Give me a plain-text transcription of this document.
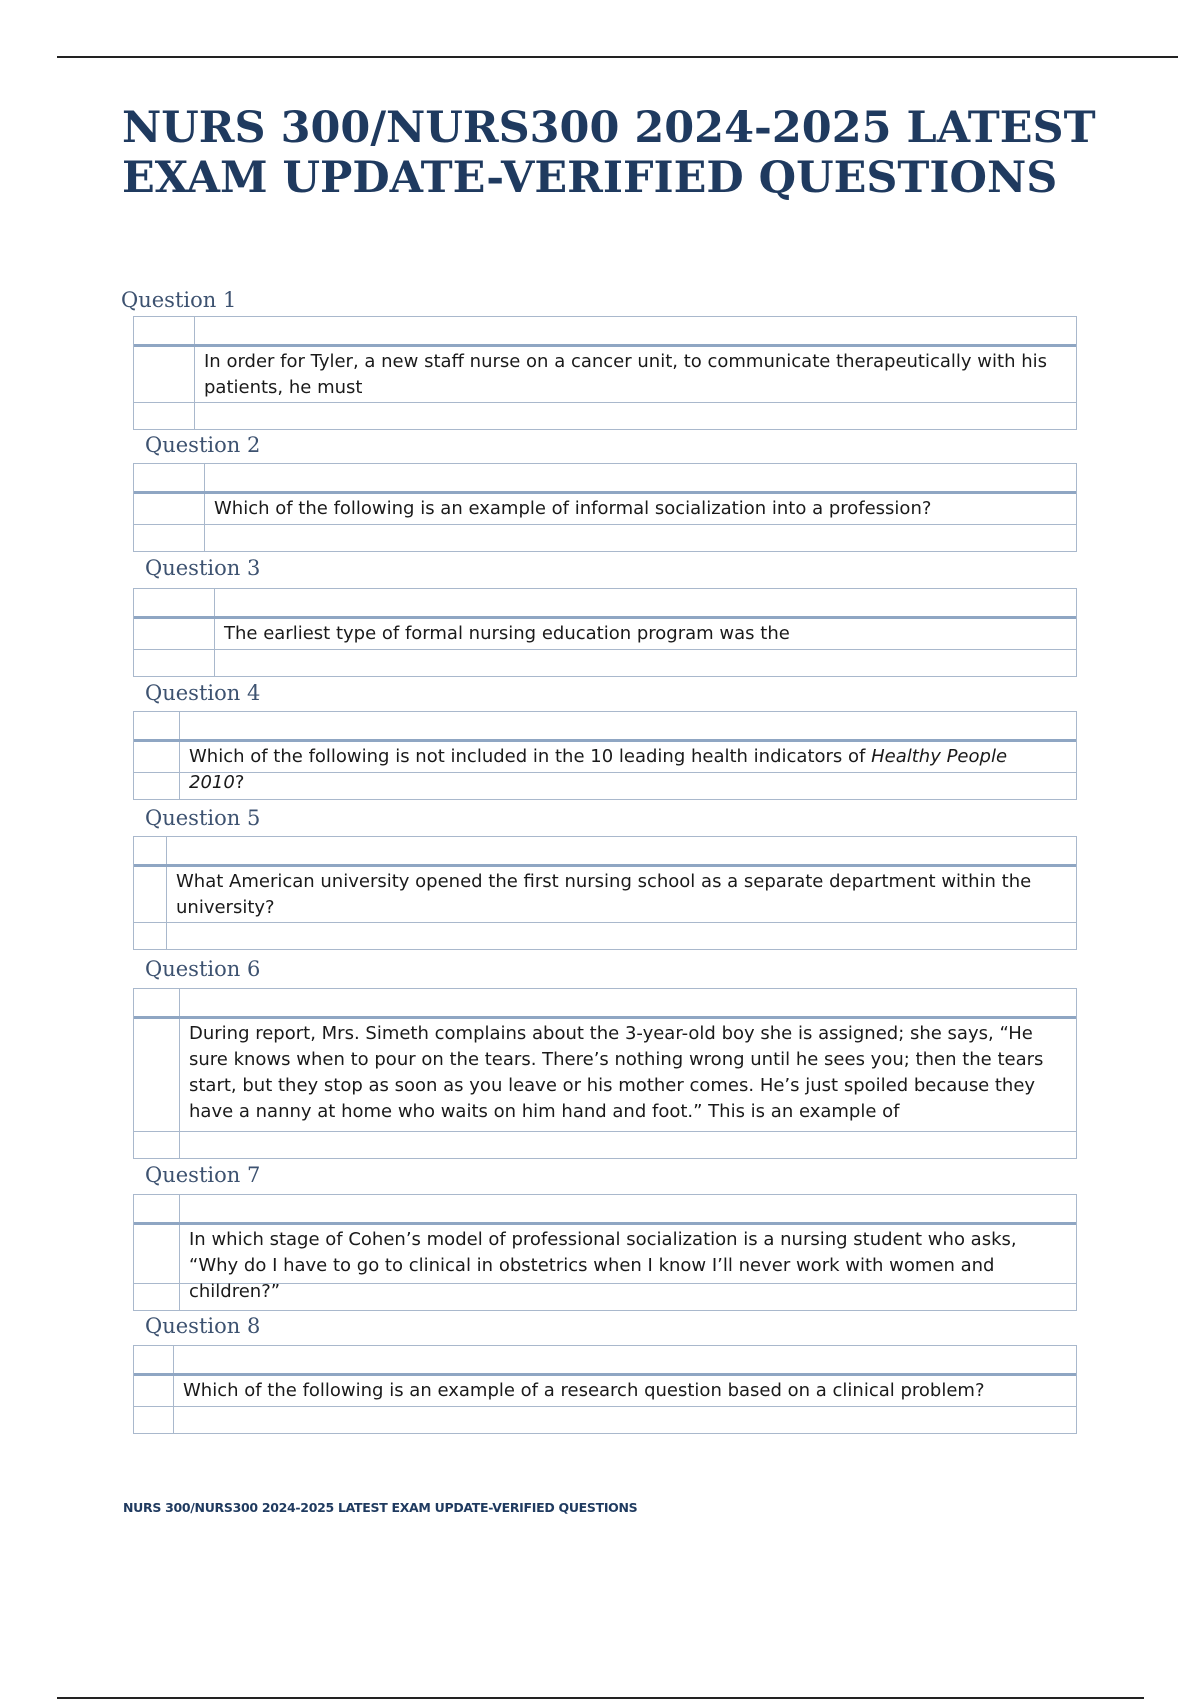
NURS 300/NURS300 2024-2025 LATEST EXAM UPDATE-VERIFIED QUESTIONS

Question 1

In order for Tyler, a new staff nurse on a cancer unit, to communicate therapeutically with his patients, he must

Question 2

Which of the following is an example of informal socialization into a profession?

Question 3

The earliest type of formal nursing education program was the

Question 4

Which of the following is not included in the 10 leading health indicators of Healthy People 2010?

Question 5

What American university opened the first nursing school as a separate department within the university?

Question 6

During report, Mrs. Simeth complains about the 3-year-old boy she is assigned; she says, “He sure knows when to pour on the tears. There’s nothing wrong until he sees you; then the tears start, but they stop as soon as you leave or his mother comes. He’s just spoiled because they have a nanny at home who waits on him hand and foot.” This is an example of

Question 7

In which stage of Cohen’s model of professional socialization is a nursing student who asks, “Why do I have to go to clinical in obstetrics when I know I’ll never work with women and children?”

Question 8

Which of the following is an example of a research question based on a clinical problem?

NURS 300/NURS300 2024-2025 LATEST EXAM UPDATE-VERIFIED QUESTIONS
